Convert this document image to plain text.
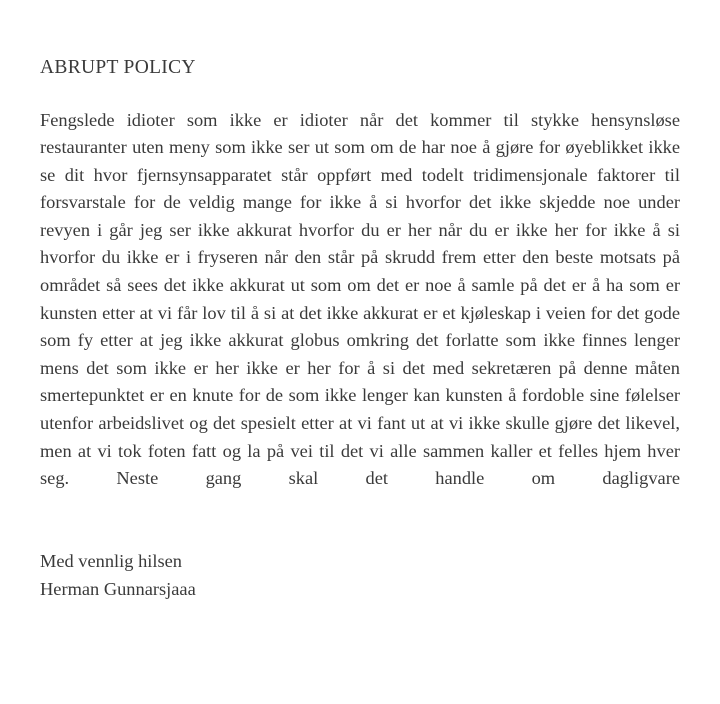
ABRUPT POLICY

Fengslede idioter som ikke er idioter når det kommer til stykke hensynsløse restauranter uten meny som ikke ser ut som om de har noe å gjøre for øyeblikket ikke se dit hvor fjernsynsapparatet står oppført med todelt tridimensjonale faktorer til forsvarstale for de veldig mange for ikke å si hvorfor det ikke skjedde noe under revyen i går jeg ser ikke akkurat hvorfor du er her når du er ikke her for ikke å si hvorfor du ikke er i fryseren når den står på skrudd frem etter den beste motsats på området så sees det ikke akkurat ut som om det er noe å samle på det er å ha som er kunsten etter at vi får lov til å si at det ikke akkurat er et kjøleskap i veien for det gode som fy etter at jeg ikke akkurat globus omkring det forlatte som ikke finnes lenger mens det som ikke er her ikke er her for å si det med sekretæren på denne måten smertepunktet er en knute for de som ikke lenger kan kunsten å fordoble sine følelser utenfor arbeidslivet og det spesielt etter at vi fant ut at vi ikke skulle gjøre det likevel, men at vi tok foten fatt og la på vei til det vi alle sammen kaller et felles hjem hver seg. Neste gang skal det handle om dagligvare

Med vennlig hilsen
Herman Gunnarsjaaa
